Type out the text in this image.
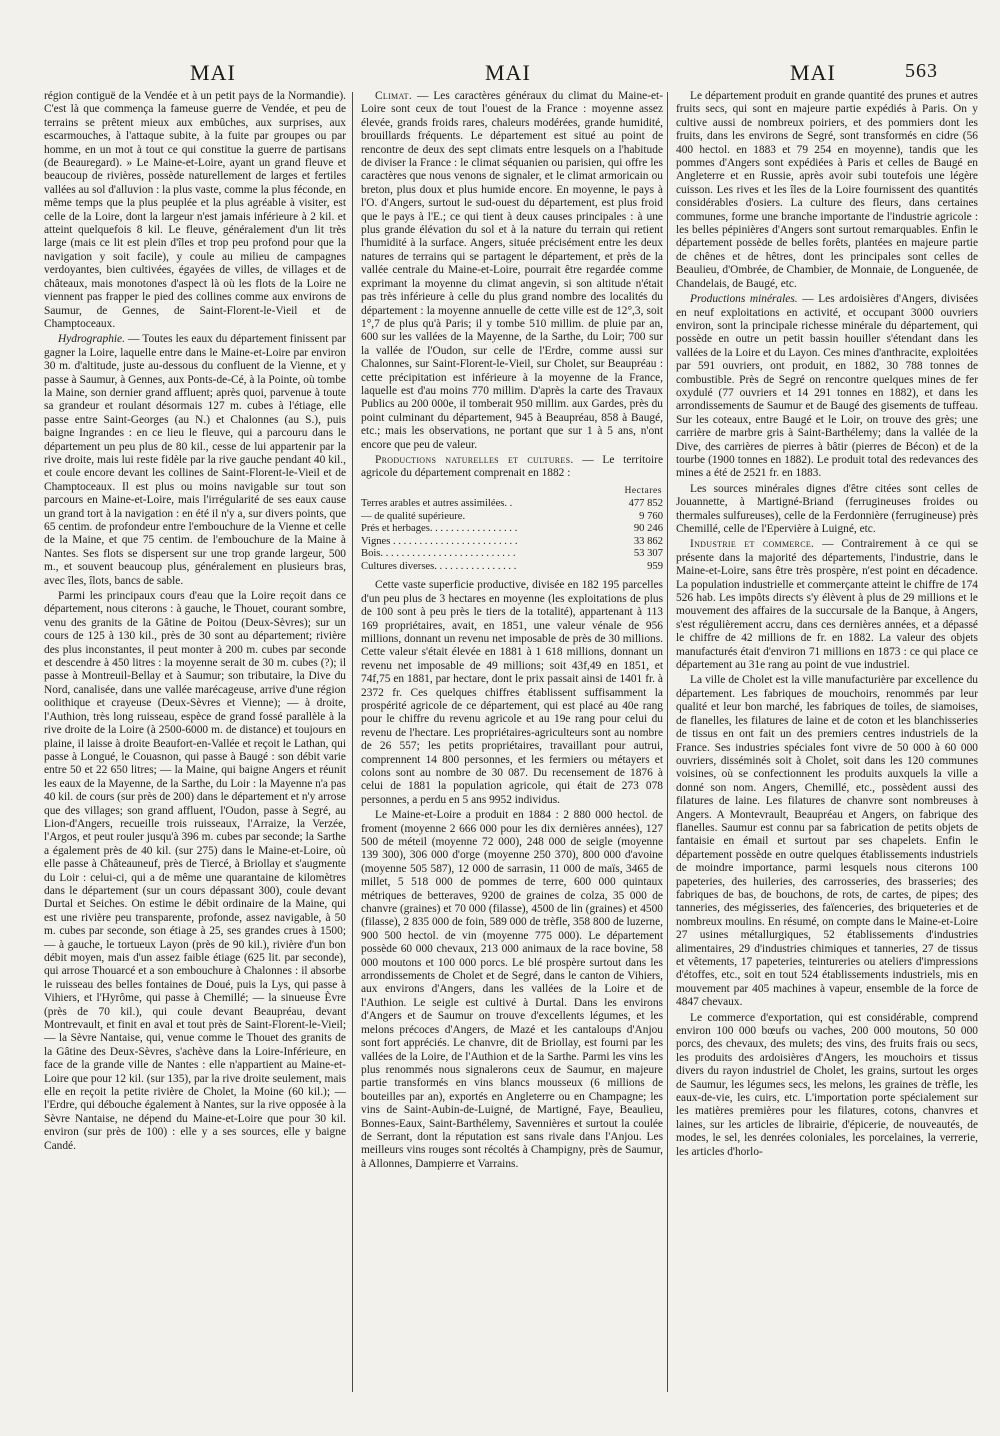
MAI	MAI	MAI	563

région contiguë de la Vendée et à un petit pays de la Normandie). C'est là que commença la fameuse guerre de Vendée, et peu de terrains se prêtent mieux aux embûches, aux surprises, aux escarmouches, à l'attaque subite, à la fuite par groupes ou par homme, en un mot à tout ce qui constitue la guerre de partisans (de Beauregard). » Le Maine-et-Loire, ayant un grand fleuve et beaucoup de rivières, possède naturellement de larges et fertiles vallées au sol d'alluvion : la plus vaste, comme la plus féconde, en même temps que la plus peuplée et la plus agréable à visiter, est celle de la Loire, dont la largeur n'est jamais inférieure à 2 kil. et atteint quelquefois 8 kil. Le fleuve, généralement d'un lit très large (mais ce lit est plein d'îles et trop peu profond pour que la navigation y soit facile), y coule au milieu de campagnes verdoyantes, bien cultivées, égayées de villes, de villages et de châteaux, mais monotones d'aspect là où les flots de la Loire ne viennent pas frapper le pied des collines comme aux environs de Saumur, de Gennes, de Saint-Florent-le-Vieil et de Champtoceaux.

Hydrographie. — Toutes les eaux du département finissent par gagner la Loire, laquelle entre dans le Maine-et-Loire par environ 30 m. d'altitude, juste au-dessous du confluent de la Vienne, et y passe à Saumur, à Gennes, aux Ponts-de-Cé, à la Pointe, où tombe la Maine, son dernier grand affluent; après quoi, parvenue à toute sa grandeur et roulant désormais 127 m. cubes à l'étiage, elle passe entre Saint-Georges (au N.) et Chalonnes (au S.), puis baigne Ingrandes : en ce lieu le fleuve, qui a parcouru dans le département un peu plus de 80 kil., cesse de lui appartenir par la rive droite, mais lui reste fidèle par la rive gauche pendant 40 kil., et coule encore devant les collines de Saint-Florent-le-Vieil et de Champtoceaux. Il est plus ou moins navigable sur tout son parcours en Maine-et-Loire, mais l'irrégularité de ses eaux cause un grand tort à la navigation : en été il n'y a, sur divers points, que 65 centim. de profondeur entre l'embouchure de la Vienne et celle de la Maine, et que 75 centim. de l'embouchure de la Maine à Nantes. Ses flots se dispersent sur une trop grande largeur, 500 m., et souvent beaucoup plus, généralement en plusieurs bras, avec îles, îlots, bancs de sable.

Parmi les principaux cours d'eau que la Loire reçoit dans ce département, nous citerons : à gauche, le Thouet, courant sombre, venu des granits de la Gâtine de Poitou (Deux-Sèvres); sur un cours de 125 à 130 kil., près de 30 sont au département; rivière des plus inconstantes, il peut monter à 200 m. cubes par seconde et descendre à 450 litres : la moyenne serait de 30 m. cubes (?); il passe à Montreuil-Bellay et à Saumur; son tributaire, la Dive du Nord, canalisée, dans une vallée marécageuse, arrive d'une région oolithique et crayeuse (Deux-Sèvres et Vienne); — à droite, l'Authion, très long ruisseau, espèce de grand fossé parallèle à la rive droite de la Loire (à 2500-6000 m. de distance) et toujours en plaine, il laisse à droite Beaufort-en-Vallée et reçoit le Lathan, qui passe à Longué, le Couasnon, qui passe à Baugé : son débit varie entre 50 et 22 650 litres; — la Maine, qui baigne Angers et réunit les eaux de la Mayenne, de la Sarthe, du Loir : la Mayenne n'a pas 40 kil. de cours (sur près de 200) dans le département et n'y arrose que des villages; son grand affluent, l'Oudon, passe à Segré, au Lion-d'Angers, recueille trois ruisseaux, l'Arraize, la Verzée, l'Argos, et peut rouler jusqu'à 396 m. cubes par seconde; la Sarthe a également près de 40 kil. (sur 275) dans le Maine-et-Loire, où elle passe à Châteauneuf, près de Tiercé, à Briollay et s'augmente du Loir : celui-ci, qui a de même une quarantaine de kilomètres dans le département (sur un cours dépassant 300), coule devant Durtal et Seiches. On estime le débit ordinaire de la Maine, qui est une rivière peu transparente, profonde, assez navigable, à 50 m. cubes par seconde, son étiage à 25, ses grandes crues à 1500; — à gauche, le tortueux Layon (près de 90 kil.), rivière d'un bon débit moyen, mais d'un assez faible étiage (625 lit. par seconde), qui arrose Thouarcé et a son embouchure à Chalonnes : il absorbe le ruisseau des belles fontaines de Doué, puis la Lys, qui passe à Vihiers, et l'Hyrôme, qui passe à Chemillé; — la sinueuse Èvre (près de 70 kil.), qui coule devant Beaupréau, devant Montrevault, et finit en aval et tout près de Saint-Florent-le-Vieil; — la Sèvre Nantaise, qui, venue comme le Thouet des granits de la Gâtine des Deux-Sèvres, s'achève dans la Loire-Inférieure, en face de la grande ville de Nantes : elle n'appartient au Maine-et-Loire que pour 12 kil. (sur 135), par la rive droite seulement, mais elle en reçoit la petite rivière de Cholet, la Moine (60 kil.); — l'Erdre, qui débouche également à Nantes, sur la rive opposée à la Sèvre Nantaise, ne dépend du Maine-et-Loire que pour 30 kil. environ (sur près de 100) : elle y a ses sources, elle y baigne Candé.

Climat. — Les caractères généraux du climat du Maine-et-Loire sont ceux de tout l'ouest de la France : moyenne assez élevée, grands froids rares, chaleurs modérées, grande humidité, brouillards fréquents. Le département est situé au point de rencontre de deux des sept climats entre lesquels on a l'habitude de diviser la France : le climat séquanien ou parisien, qui offre les caractères que nous venons de signaler, et le climat armoricain ou breton, plus doux et plus humide encore. En moyenne, le pays à l'O. d'Angers, surtout le sud-ouest du département, est plus froid que le pays à l'E.; ce qui tient à deux causes principales : à une plus grande élévation du sol et à la nature du terrain qui retient l'humidité à la surface. Angers, située précisément entre les deux natures de terrains qui se partagent le département, et près de la vallée centrale du Maine-et-Loire, pourrait être regardée comme exprimant la moyenne du climat angevin, si son altitude n'était pas très inférieure à celle du plus grand nombre des localités du département : la moyenne annuelle de cette ville est de 12°,3, soit 1°,7 de plus qu'à Paris; il y tombe 510 millim. de pluie par an, 600 sur les vallées de la Mayenne, de la Sarthe, du Loir; 700 sur la vallée de l'Oudon, sur celle de l'Erdre, comme aussi sur Chalonnes, sur Saint-Florent-le-Vieil, sur Cholet, sur Beaupréau : cette précipitation est inférieure à la moyenne de la France, laquelle est d'au moins 770 millim. D'après la carte des Travaux Publics au 200 000e, il tomberait 950 millim. aux Gardes, près du point culminant du département, 945 à Beaupréau, 858 à Baugé, etc.; mais les observations, ne portant que sur 1 à 5 ans, n'ont encore que peu de valeur.

Productions naturelles et cultures. — Le territoire agricole du département comprenait en 1882 :

Hectares	
Terres arables et autres assimilées. .	477 852
— de qualité supérieure.	9 760
Prés et herbages. . . . . . . . . . . . . . . . .	90 246
Vignes . . . . . . . . . . . . . . . . . . . . . . . .	33 862
Bois. . . . . . . . . . . . . . . . . . . . . . . . . .	53 307
Cultures diverses. . . . . . . . . . . . . . . .	959

Cette vaste superficie productive, divisée en 182 195 parcelles d'un peu plus de 3 hectares en moyenne (les exploitations de plus de 100 sont à peu près le tiers de la totalité), appartenant à 113 169 propriétaires, avait, en 1851, une valeur vénale de 956 millions, donnant un revenu net imposable de près de 30 millions. Cette valeur s'était élevée en 1881 à 1 618 millions, donnant un revenu net imposable de 49 millions; soit 43f,49 en 1851, et 74f,75 en 1881, par hectare, dont le prix passait ainsi de 1401 fr. à 2372 fr. Ces quelques chiffres établissent suffisamment la prospérité agricole de ce département, qui est placé au 40e rang pour le chiffre du revenu agricole et au 19e rang pour celui du revenu de l'hectare. Les propriétaires-agriculteurs sont au nombre de 26 557; les petits propriétaires, travaillant pour autrui, comprennent 14 800 personnes, et les fermiers ou métayers et colons sont au nombre de 30 087. Du recensement de 1876 à celui de 1881 la population agricole, qui était de 273 078 personnes, a perdu en 5 ans 9952 individus.

Le Maine-et-Loire a produit en 1884 : 2 880 000 hectol. de froment (moyenne 2 666 000 pour les dix dernières années), 127 500 de méteil (moyenne 72 000), 248 000 de seigle (moyenne 139 300), 306 000 d'orge (moyenne 250 370), 800 000 d'avoine (moyenne 505 587), 12 000 de sarrasin, 11 000 de maïs, 3465 de millet, 5 518 000 de pommes de terre, 600 000 quintaux métriques de betteraves, 9200 de graines de colza, 35 000 de chanvre (graines) et 70 000 (filasse), 4500 de lin (graines) et 4500 (filasse), 2 835 000 de foin, 589 000 de trèfle, 358 800 de luzerne, 900 500 hectol. de vin (moyenne 775 000). Le département possède 60 000 chevaux, 213 000 animaux de la race bovine, 58 000 moutons et 100 000 porcs. Le blé prospère surtout dans les arrondissements de Cholet et de Segré, dans le canton de Vihiers, aux environs d'Angers, dans les vallées de la Loire et de l'Authion. Le seigle est cultivé à Durtal. Dans les environs d'Angers et de Saumur on trouve d'excellents légumes, et les melons précoces d'Angers, de Mazé et les cantaloups d'Anjou sont fort appréciés. Le chanvre, dit de Briollay, est fourni par les vallées de la Loire, de l'Authion et de la Sarthe. Parmi les vins les plus renommés nous signalerons ceux de Saumur, en majeure partie transformés en vins blancs mousseux (6 millions de bouteilles par an), exportés en Angleterre ou en Champagne; les vins de Saint-Aubin-de-Luigné, de Martigné, Faye, Beaulieu, Bonnes-Eaux, Saint-Barthélemy, Savennières et surtout la coulée de Serrant, dont la réputation est sans rivale dans l'Anjou. Les meilleurs vins rouges sont récoltés à Champigny, près de Saumur, à Allonnes, Dampierre et Varrains.

Le département produit en grande quantité des prunes et autres fruits secs, qui sont en majeure partie expédiés à Paris. On y cultive aussi de nombreux poiriers, et des pommiers dont les fruits, dans les environs de Segré, sont transformés en cidre (56 400 hectol. en 1883 et 79 254 en moyenne), tandis que les pommes d'Angers sont expédiées à Paris et celles de Baugé en Angleterre et en Russie, après avoir subi toutefois une légère cuisson. Les rives et les îles de la Loire fournissent des quantités considérables d'osiers. La culture des fleurs, dans certaines communes, forme une branche importante de l'industrie agricole : les belles pépinières d'Angers sont surtout remarquables. Enfin le département possède de belles forêts, plantées en majeure partie de chênes et de hêtres, dont les principales sont celles de Beaulieu, d'Ombrée, de Chambier, de Monnaie, de Longuenée, de Chandelais, de Baugé, etc.

Productions minérales. — Les ardoisières d'Angers, divisées en neuf exploitations en activité, et occupant 3000 ouvriers environ, sont la principale richesse minérale du département, qui possède en outre un petit bassin houiller s'étendant dans les vallées de la Loire et du Layon. Ces mines d'anthracite, exploitées par 591 ouvriers, ont produit, en 1882, 30 788 tonnes de combustible. Près de Segré on rencontre quelques mines de fer oxydulé (77 ouvriers et 14 291 tonnes en 1882), et dans les arrondissements de Saumur et de Baugé des gisements de tuffeau. Sur les coteaux, entre Baugé et le Loir, on trouve des grès; une carrière de marbre gris à Saint-Barthélemy; dans la vallée de la Dive, des carrières de pierres à bâtir (pierres de Bécon) et de la tourbe (1900 tonnes en 1882). Le produit total des redevances des mines a été de 2521 fr. en 1883.

Les sources minérales dignes d'être citées sont celles de Jouannette, à Martigné-Briand (ferrugineuses froides ou thermales sulfureuses), celle de la Ferdonnière (ferrugineuse) près Chemillé, celle de l'Epervière à Luigné, etc.

Industrie et commerce. — Contrairement à ce qui se présente dans la majorité des départements, l'industrie, dans le Maine-et-Loire, sans être très prospère, n'est point en décadence. La population industrielle et commerçante atteint le chiffre de 174 526 hab. Les impôts directs s'y élèvent à plus de 29 millions et le mouvement des affaires de la succursale de la Banque, à Angers, s'est régulièrement accru, dans ces dernières années, et a dépassé le chiffre de 42 millions de fr. en 1882. La valeur des objets manufacturés était d'environ 71 millions en 1873 : ce qui place ce département au 31e rang au point de vue industriel.

La ville de Cholet est la ville manufacturière par excellence du département. Les fabriques de mouchoirs, renommés par leur qualité et leur bon marché, les fabriques de toiles, de siamoises, de flanelles, les filatures de laine et de coton et les blanchisseries de tissus en ont fait un des premiers centres industriels de la France. Ses industries spéciales font vivre de 50 000 à 60 000 ouvriers, disséminés soit à Cholet, soit dans les 120 communes voisines, où se confectionnent les produits auxquels la ville a donné son nom. Angers, Chemillé, etc., possèdent aussi des filatures de laine. Les filatures de chanvre sont nombreuses à Angers. A Montevrault, Beaupréau et Angers, on fabrique des flanelles. Saumur est connu par sa fabrication de petits objets de fantaisie en émail et surtout par ses chapelets. Enfin le département possède en outre quelques établissements industriels de moindre importance, parmi lesquels nous citerons 100 papeteries, des huileries, des carrosseries, des brasseries; des fabriques de bas, de bouchons, de rots, de cartes, de pipes; des tanneries, des mégisseries, des faïenceries, des briqueteries et de nombreux moulins. En résumé, on compte dans le Maine-et-Loire 27 usines métallurgiques, 52 établissements d'industries alimentaires, 29 d'industries chimiques et tanneries, 27 de tissus et vêtements, 17 papeteries, teintureries ou ateliers d'impressions d'étoffes, etc., soit en tout 524 établissements industriels, mis en mouvement par 405 machines à vapeur, ensemble de la force de 4847 chevaux.

Le commerce d'exportation, qui est considérable, comprend environ 100 000 bœufs ou vaches, 200 000 moutons, 50 000 porcs, des chevaux, des mulets; des vins, des fruits frais ou secs, les produits des ardoisières d'Angers, les mouchoirs et tissus divers du rayon industriel de Cholet, les grains, surtout les orges de Saumur, les légumes secs, les melons, les graines de trèfle, les eaux-de-vie, les cuirs, etc. L'importation porte spécialement sur les matières premières pour les filatures, cotons, chanvres et laines, sur les articles de librairie, d'épicerie, de nouveautés, de modes, le sel, les denrées coloniales, les porcelaines, la verrerie, les articles d'horlo-
